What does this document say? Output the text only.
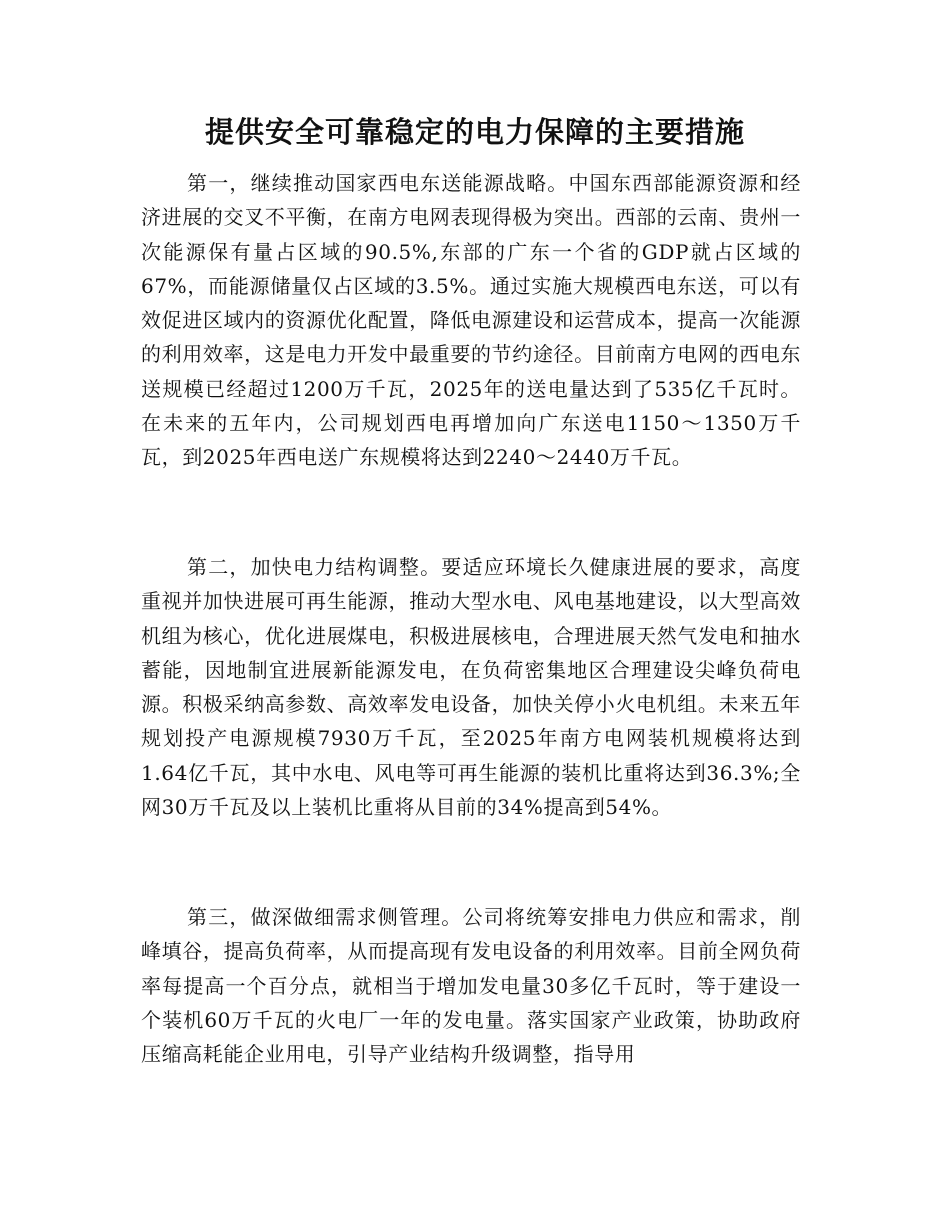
提供安全可靠稳定的电力保障的主要措施

第一，继续推动国家西电东送能源战略。中国东西部能源资源和经济进展的交叉不平衡，在南方电网表现得极为突出。西部的云南、贵州一次能源保有量占区域的90.5%,东部的广东一个省的GDP就占区域的67%，而能源储量仅占区域的3.5%。通过实施大规模西电东送，可以有效促进区域内的资源优化配置，降低电源建设和运营成本，提高一次能源的利用效率，这是电力开发中最重要的节约途径。目前南方电网的西电东送规模已经超过1200万千瓦，2025年的送电量达到了535亿千瓦时。在未来的五年内，公司规划西电再增加向广东送电1150～1350万千瓦，到2025年西电送广东规模将达到2240～2440万千瓦。

第二，加快电力结构调整。要适应环境长久健康进展的要求，高度重视并加快进展可再生能源，推动大型水电、风电基地建设，以大型高效机组为核心，优化进展煤电，积极进展核电，合理进展天然气发电和抽水蓄能，因地制宜进展新能源发电，在负荷密集地区合理建设尖峰负荷电源。积极采纳高参数、高效率发电设备，加快关停小火电机组。未来五年规划投产电源规模7930万千瓦，至2025年南方电网装机规模将达到1.64亿千瓦，其中水电、风电等可再生能源的装机比重将达到36.3%;全网30万千瓦及以上装机比重将从目前的34%提高到54%。

第三，做深做细需求侧管理。公司将统筹安排电力供应和需求，削峰填谷，提高负荷率，从而提高现有发电设备的利用效率。目前全网负荷率每提高一个百分点，就相当于增加发电量30多亿千瓦时，等于建设一个装机60万千瓦的火电厂一年的发电量。落实国家产业政策，协助政府压缩高耗能企业用电，引导产业结构升级调整，指导用
